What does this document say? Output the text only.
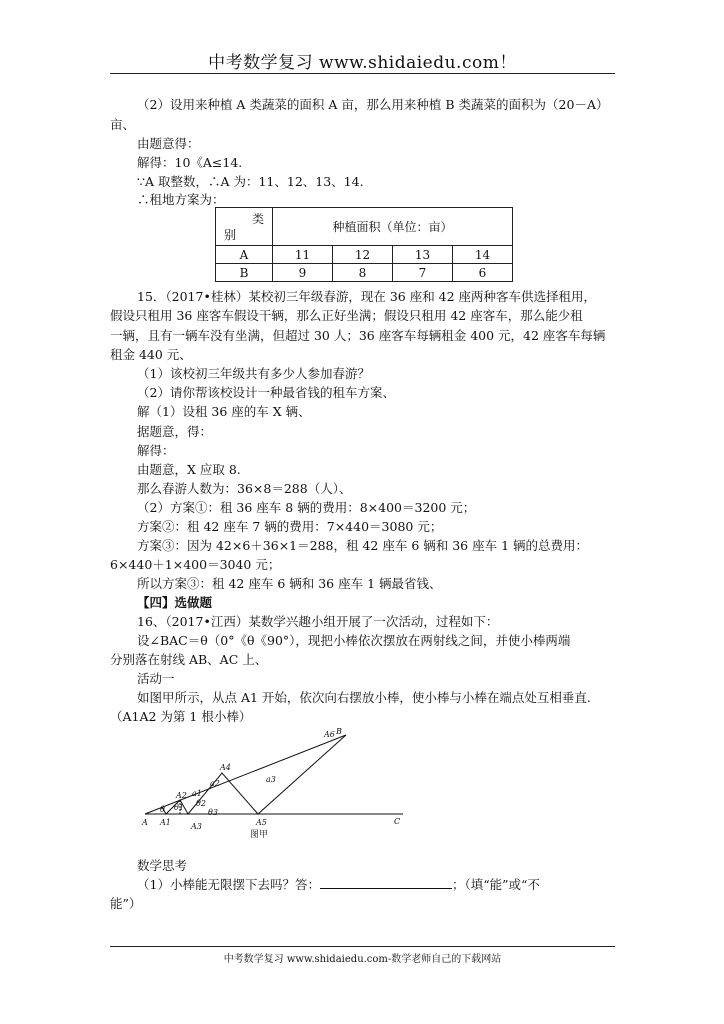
中考数学复习 www.shidaiedu.com！
（2）设用来种植 A 类蔬菜的面积 A 亩，那么用来种植 B 类蔬菜的面积为（20－A）
亩、
由题意得：
解得：10《A≤14.
∵A 取整数，∴A 为：11、12、13、14.
∴租地方案为：
类
别	种植面积（单位：亩）			
A	11	12	13	14
B	9	8	7	6
15．（2017•桂林）某校初三年级春游，现在 36 座和 42 座两种客车供选择租用，
假设只租用 36 座客车假设干辆，那么正好坐满；假设只租用 42 座客车，那么能少租
一辆，且有一辆车没有坐满，但超过 30 人；36 座客车每辆租金 400 元，42 座客车每辆
租金 440 元、
（1）该校初三年级共有多少人参加春游？
（2）请你帮该校设计一种最省钱的租车方案、
解（1）设租 36 座的车 X 辆、
据题意，得：
解得：
由题意，X 应取 8.
那么春游人数为：36×8＝288（人）、
（2）方案①：租 36 座车 8 辆的费用：8×400＝3200 元；
方案②：租 42 座车 7 辆的费用：7×440＝3080 元；
方案③：因为 42×6＋36×1＝288，租 42 座车 6 辆和 36 座车 1 辆的总费用：
6×440＋1×400＝3040 元；
所以方案③：租 42 座车 6 辆和 36 座车 1 辆最省钱、
【四】选做题
16、（2017•江西）某数学兴趣小组开展了一次活动，过程如下：
设∠BAC＝θ（0°《θ《90°），现把小棒依次摆放在两射线之间，并使小棒两端
分别落在射线 AB、AC 上、
活动一
如图甲所示，从点 A1 开始，依次向右摆放小棒，使小棒与小棒在端点处互相垂直.
（A1A2 为第 1 根小棒）
A	C
A1	A3	A5
A2
A4
A6 B
θ θ1 θ2
θ3
a1
a2	a3
图甲
数学思考
（1）小棒能无限摆下去吗？答：	；（填“能”或“不
能”）
中考数学复习 www.shidaiedu.com-数学老师自己的下载网站
